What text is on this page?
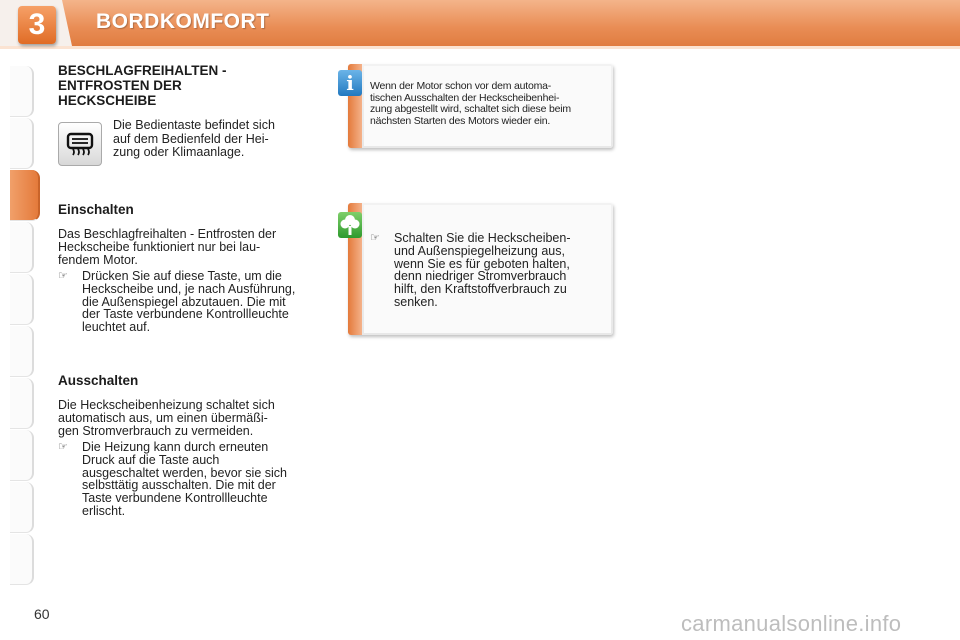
3	BORDKOMFORT
BESCHLAGFREIHALTEN -
ENTFROSTEN DER
HECKSCHEIBE
Die Bedientaste befindet sich
auf dem Bedienfeld der Hei-
zung oder Klimaanlage.
Einschalten
Das Beschlagfreihalten - Entfrosten der
Heckscheibe funktioniert nur bei lau-
fendem Motor.
☞ Drücken Sie auf diese Taste, um die
Heckscheibe und, je nach Ausführung,
die Außenspiegel abzutauen. Die mit
der Taste verbundene Kontrollleuchte
leuchtet auf.
Ausschalten
Die Heckscheibenheizung schaltet sich
automatisch aus, um einen übermäßi-
gen Stromverbrauch zu vermeiden.
☞ Die Heizung kann durch erneuten
Druck auf die Taste auch
ausgeschaltet werden, bevor sie sich
selbsttätig ausschalten. Die mit der
Taste verbundene Kontrollleuchte
erlischt.
i	Wenn der Motor schon vor dem automa-
tischen Ausschalten der Heckscheibenhei-
zung abgestellt wird, schaltet sich diese beim
nächsten Starten des Motors wieder ein.
☞ Schalten Sie die Heckscheiben-
und Außenspiegelheizung aus,
wenn Sie es für geboten halten,
denn niedriger Stromverbrauch
hilft, den Kraftstoffverbrauch zu
senken.
60	carmanualsonline.info
